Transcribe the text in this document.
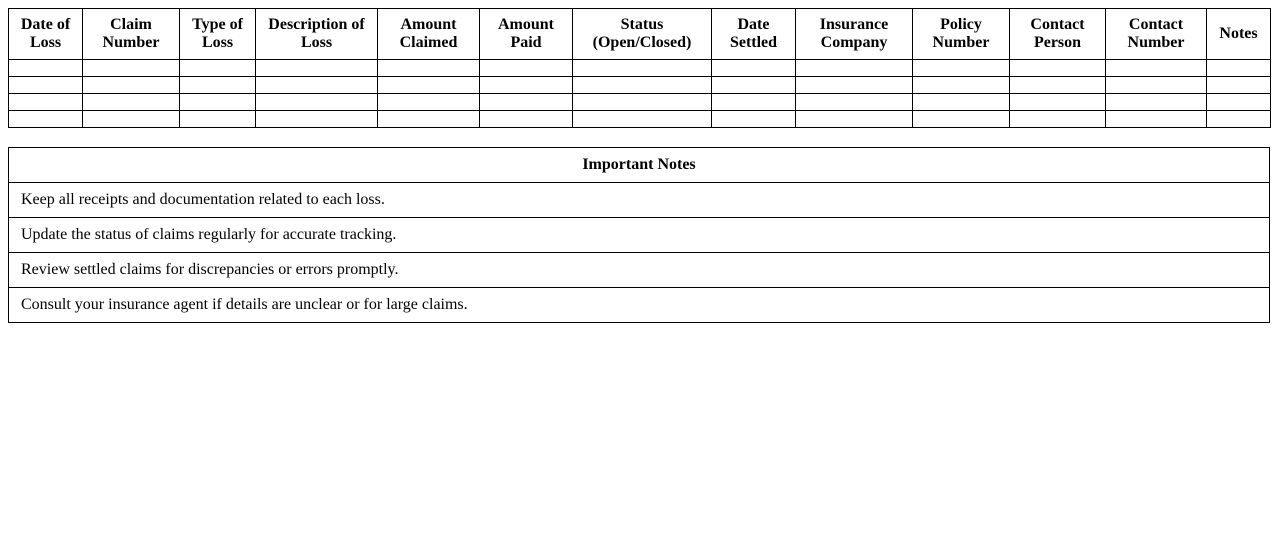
Date of Loss	Claim Number	Type of Loss	Description of Loss	Amount Claimed	Amount Paid	Status (Open/Closed)	Date Settled	Insurance Company	Policy Number	Contact Person	Contact Number	Notes

Important Notes
Keep all receipts and documentation related to each loss.
Update the status of claims regularly for accurate tracking.
Review settled claims for discrepancies or errors promptly.
Consult your insurance agent if details are unclear or for large claims.
